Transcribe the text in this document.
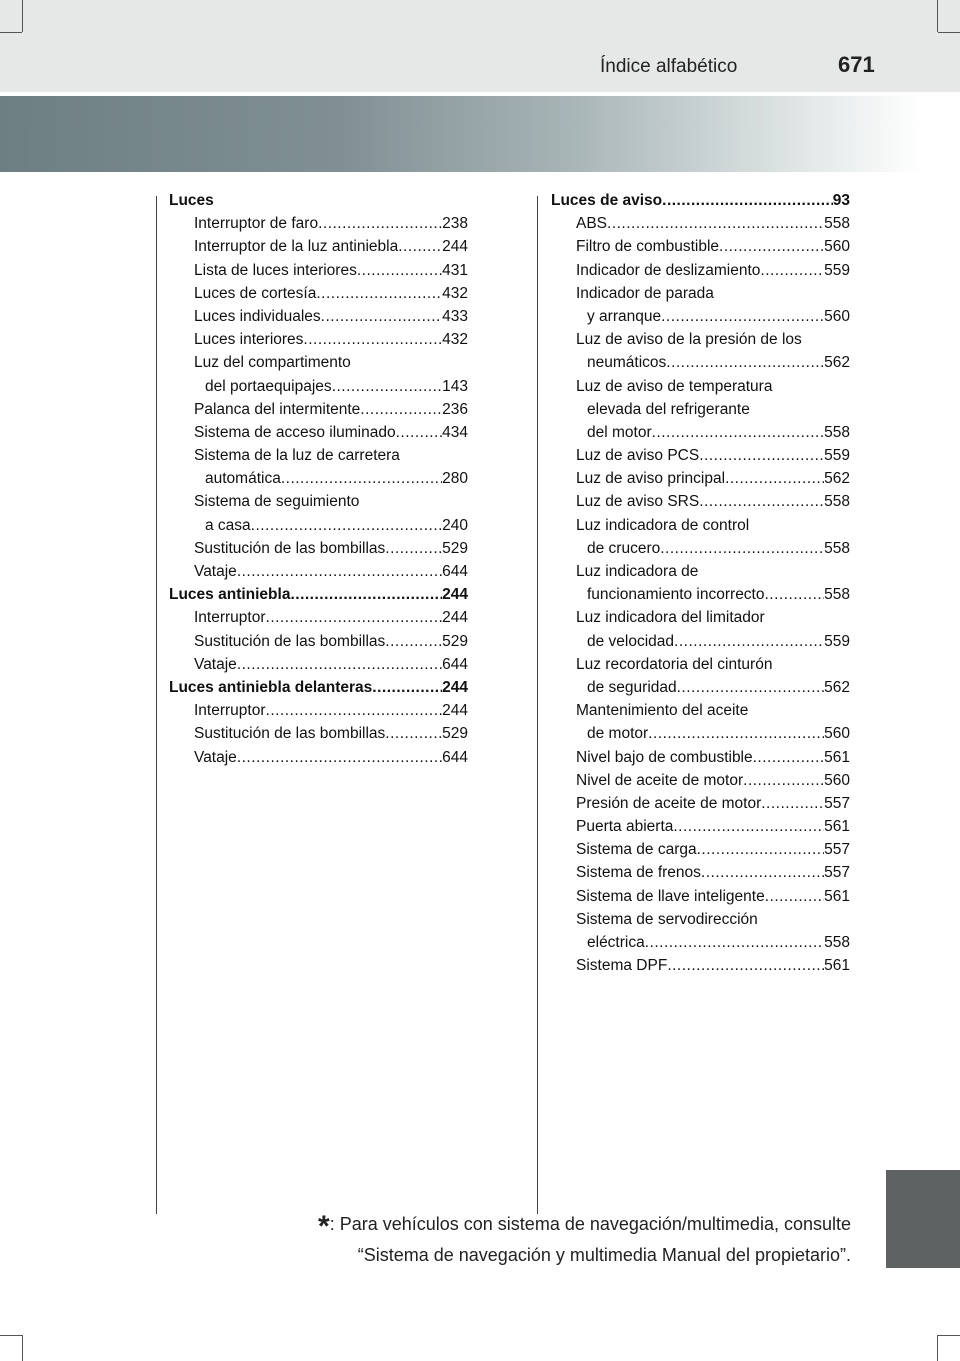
Índice alfabético	671
Luces
Interruptor de faro .....	238
Interruptor de la luz antiniebla .....	244
Lista de luces interiores .....	431
Luces de cortesía .....	432
Luces individuales .....	433
Luces interiores .....	432
Luz del compartimento
del portaequipajes .....	143
Palanca del intermitente .....	236
Sistema de acceso iluminado .....	434
Sistema de la luz de carretera
automática .....	280
Sistema de seguimiento
a casa .....	240
Sustitución de las bombillas .....	529
Vataje .....	644
Luces antiniebla .....	244
Interruptor .....	244
Sustitución de las bombillas .....	529
Vataje .....	644
Luces antiniebla delanteras .....	244
Interruptor .....	244
Sustitución de las bombillas .....	529
Vataje .....	644
Luces de aviso .....	93
ABS .....	558
Filtro de combustible .....	560
Indicador de deslizamiento .....	559
Indicador de parada
y arranque .....	560
Luz de aviso de la presión de los
neumáticos .....	562
Luz de aviso de temperatura
elevada del refrigerante
del motor .....	558
Luz de aviso PCS .....	559
Luz de aviso principal .....	562
Luz de aviso SRS .....	558
Luz indicadora de control
de crucero .....	558
Luz indicadora de
funcionamiento incorrecto .....	558
Luz indicadora del limitador
de velocidad .....	559
Luz recordatoria del cinturón
de seguridad .....	562
Mantenimiento del aceite
de motor .....	560
Nivel bajo de combustible .....	561
Nivel de aceite de motor .....	560
Presión de aceite de motor .....	557
Puerta abierta .....	561
Sistema de carga .....	557
Sistema de frenos .....	557
Sistema de llave inteligente .....	561
Sistema de servodirección
eléctrica .....	558
Sistema DPF .....	561
*: Para vehículos con sistema de navegación/multimedia, consulte
“Sistema de navegación y multimedia Manual del propietario”.
